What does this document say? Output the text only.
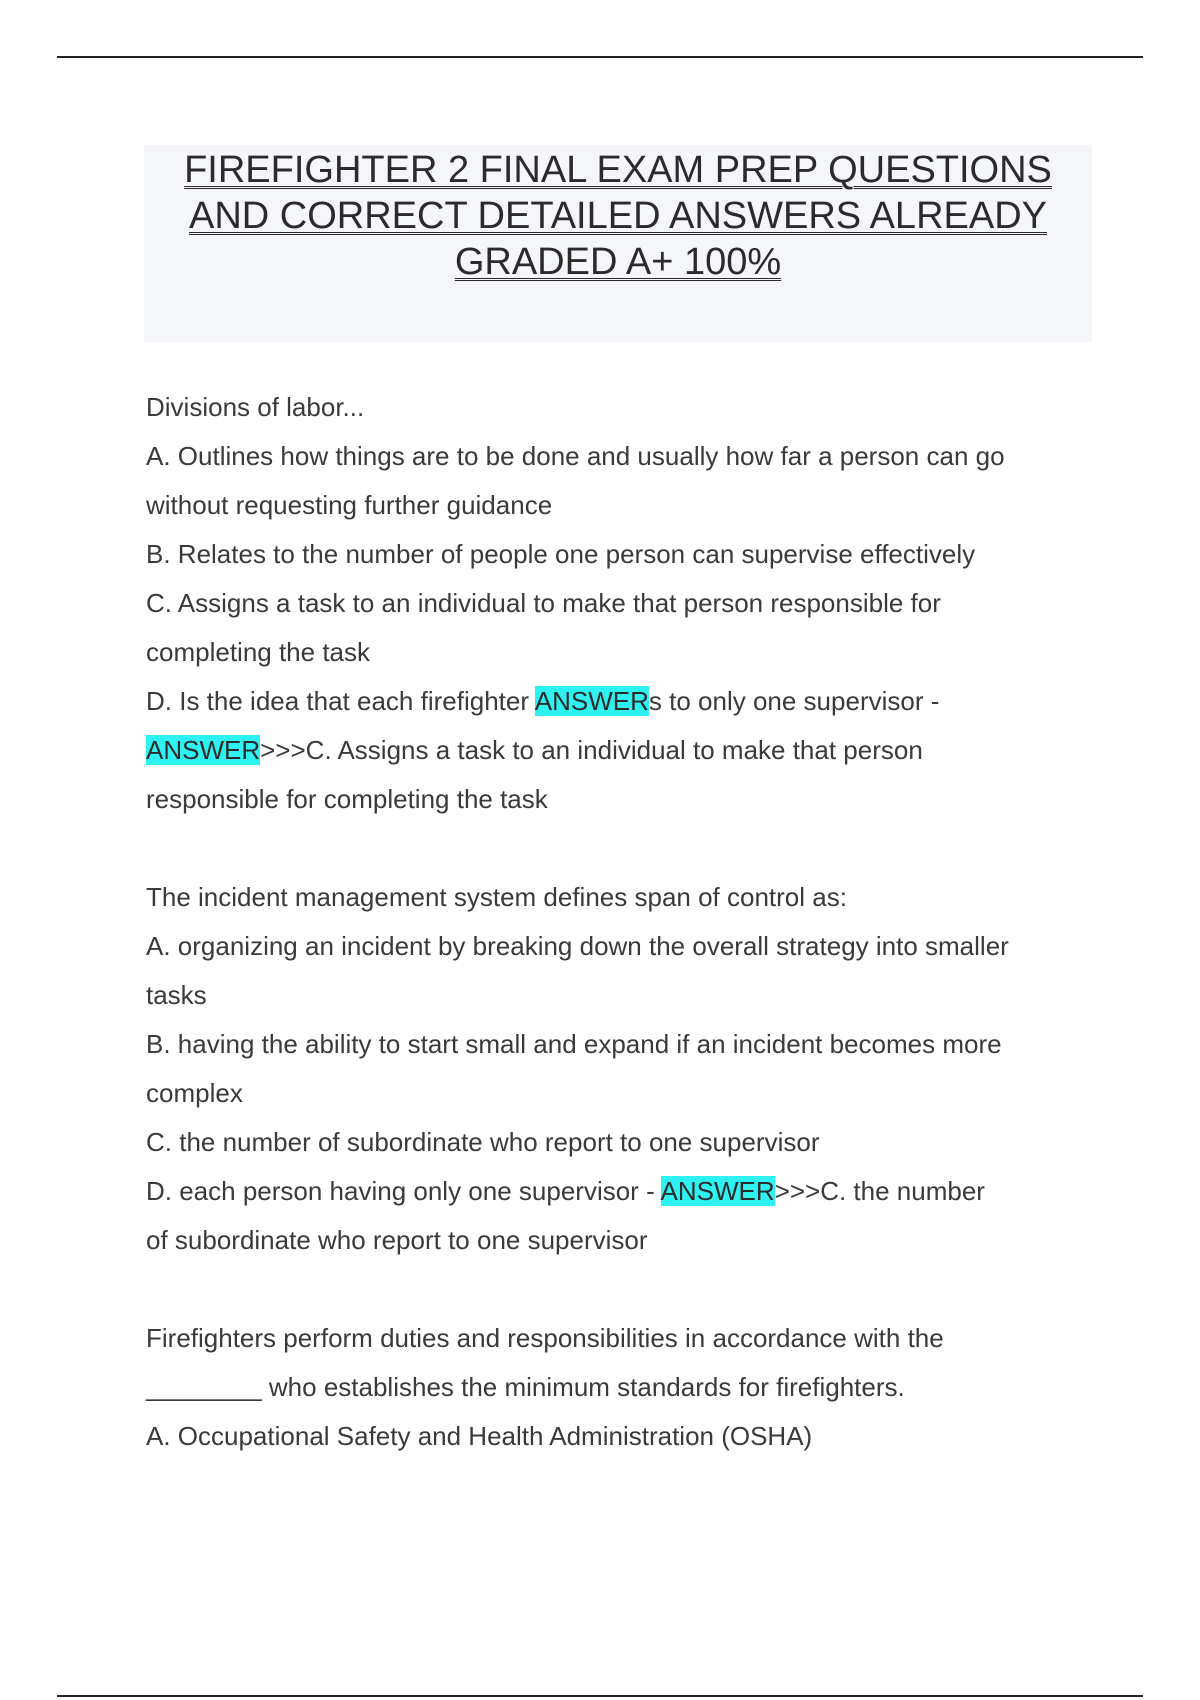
FIREFIGHTER 2 FINAL EXAM PREP QUESTIONS
AND CORRECT DETAILED ANSWERS ALREADY
GRADED A+ 100%
Divisions of labor...
A. Outlines how things are to be done and usually how far a person can go
without requesting further guidance
B. Relates to the number of people one person can supervise effectively
C. Assigns a task to an individual to make that person responsible for
completing the task
D. Is the idea that each firefighter ANSWERs to only one supervisor -
ANSWER>>>C. Assigns a task to an individual to make that person
responsible for completing the task
The incident management system defines span of control as:
A. organizing an incident by breaking down the overall strategy into smaller
tasks
B. having the ability to start small and expand if an incident becomes more
complex
C. the number of subordinate who report to one supervisor
D. each person having only one supervisor - ANSWER>>>C. the number
of subordinate who report to one supervisor
Firefighters perform duties and responsibilities in accordance with the
________ who establishes the minimum standards for firefighters.
A. Occupational Safety and Health Administration (OSHA)
